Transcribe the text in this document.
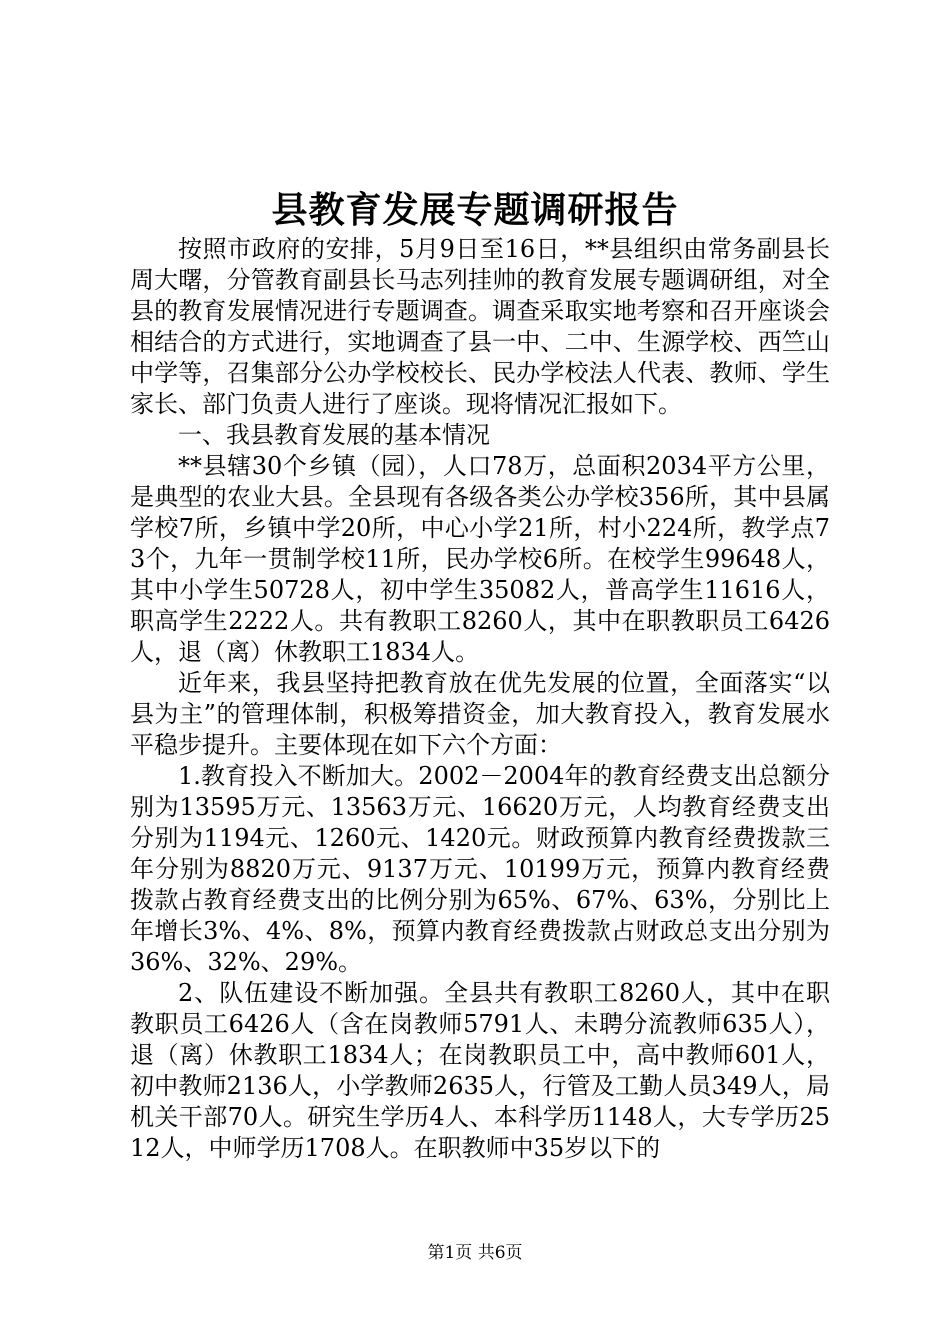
县教育发展专题调研报告

按照市政府的安排，5月9日至16日，**县组织由常务副县长周大曙，分管教育副县长马志列挂帅的教育发展专题调研组，对全县的教育发展情况进行专题调查。调查采取实地考察和召开座谈会相结合的方式进行，实地调查了县一中、二中、生源学校、西竺山中学等，召集部分公办学校校长、民办学校法人代表、教师、学生家长、部门负责人进行了座谈。现将情况汇报如下。

一、我县教育发展的基本情况

**县辖30个乡镇（园），人口78万，总面积2034平方公里，是典型的农业大县。全县现有各级各类公办学校356所，其中县属学校7所，乡镇中学20所，中心小学21所，村小224所，教学点73个，九年一贯制学校11所，民办学校6所。在校学生99648人，其中小学生50728人，初中学生35082人，普高学生11616人，职高学生2222人。共有教职工8260人，其中在职教职员工6426人，退（离）休教职工1834人。

近年来，我县坚持把教育放在优先发展的位置，全面落实“以县为主”的管理体制，积极筹措资金，加大教育投入，教育发展水平稳步提升。主要体现在如下六个方面：

1.教育投入不断加大。2002－2004年的教育经费支出总额分别为13595万元、13563万元、16620万元，人均教育经费支出分别为1194元、1260元、1420元。财政预算内教育经费拨款三年分别为8820万元、9137万元、10199万元，预算内教育经费拨款占教育经费支出的比例分别为65%、67%、63%，分别比上年增长3%、4%、8%，预算内教育经费拨款占财政总支出分别为36%、32%、29%。

2、队伍建设不断加强。全县共有教职工8260人，其中在职教职员工6426人（含在岗教师5791人、未聘分流教师635人），退（离）休教职工1834人；在岗教职员工中，高中教师601人，初中教师2136人，小学教师2635人，行管及工勤人员349人，局机关干部70人。研究生学历4人、本科学历1148人，大专学历2512人，中师学历1708人。在职教师中35岁以下的

第1页 共6页
